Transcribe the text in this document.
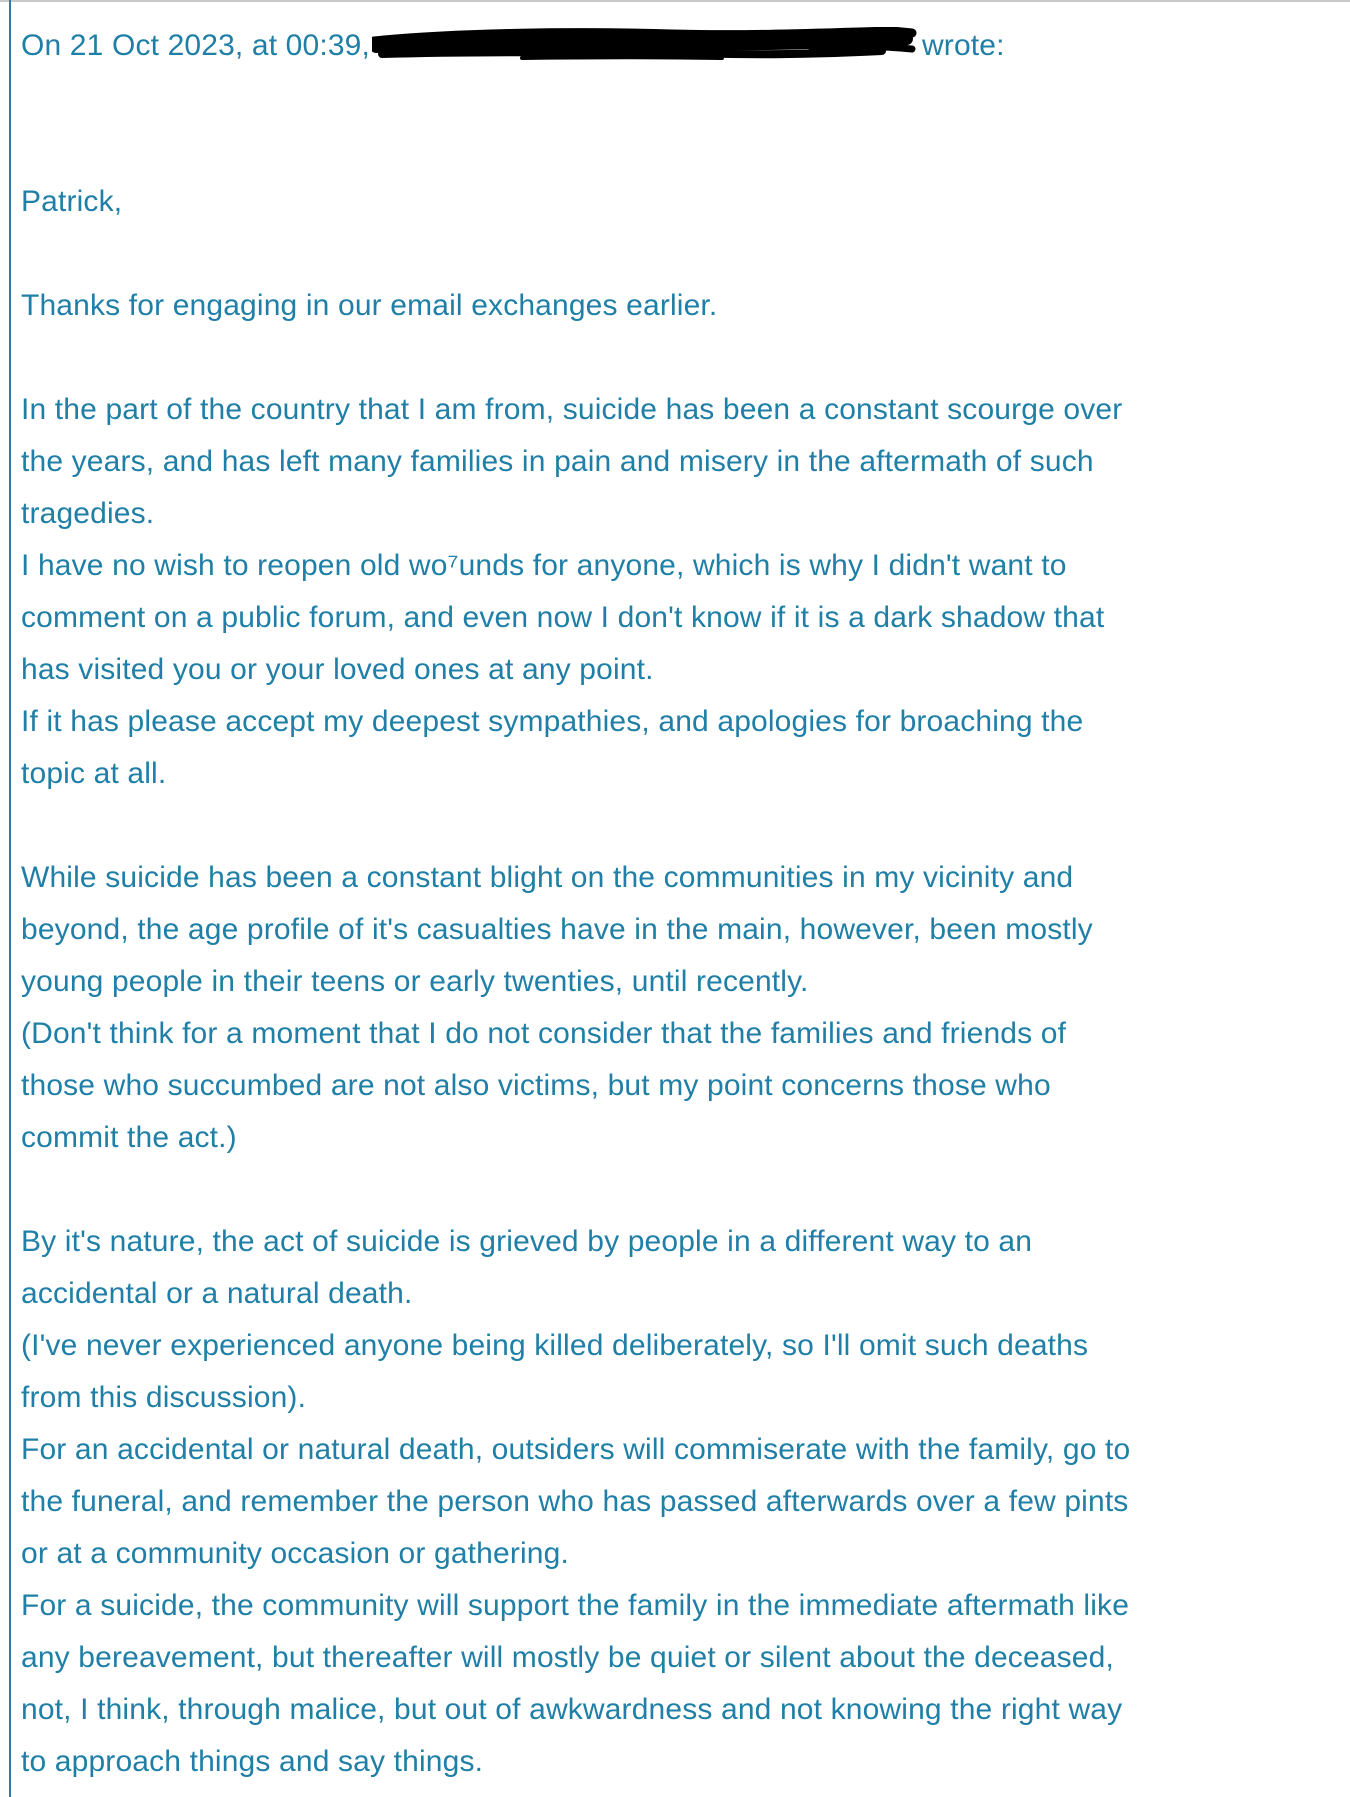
On 21 Oct 2023, at 00:39,	wrote:
Patrick,
Thanks for engaging in our email exchanges earlier.
In the part of the country that I am from, suicide has been a constant scourge over
the years, and has left many families in pain and misery in the aftermath of such
tragedies.
I have no wish to reopen old wo⁷unds for anyone, which is why I didn't want to
comment on a public forum, and even now I don't know if it is a dark shadow that
has visited you or your loved ones at any point.
If it has please accept my deepest sympathies, and apologies for broaching the
topic at all.
While suicide has been a constant blight on the communities in my vicinity and
beyond, the age profile of it's casualties have in the main, however, been mostly
young people in their teens or early twenties, until recently.
(Don't think for a moment that I do not consider that the families and friends of
those who succumbed are not also victims, but my point concerns those who
commit the act.)
By it's nature, the act of suicide is grieved by people in a different way to an
accidental or a natural death.
(I've never experienced anyone being killed deliberately, so I'll omit such deaths
from this discussion).
For an accidental or natural death, outsiders will commiserate with the family, go to
the funeral, and remember the person who has passed afterwards over a few pints
or at a community occasion or gathering.
For a suicide, the community will support the family in the immediate aftermath like
any bereavement, but thereafter will mostly be quiet or silent about the deceased,
not, I think, through malice, but out of awkwardness and not knowing the right way
to approach things and say things.
